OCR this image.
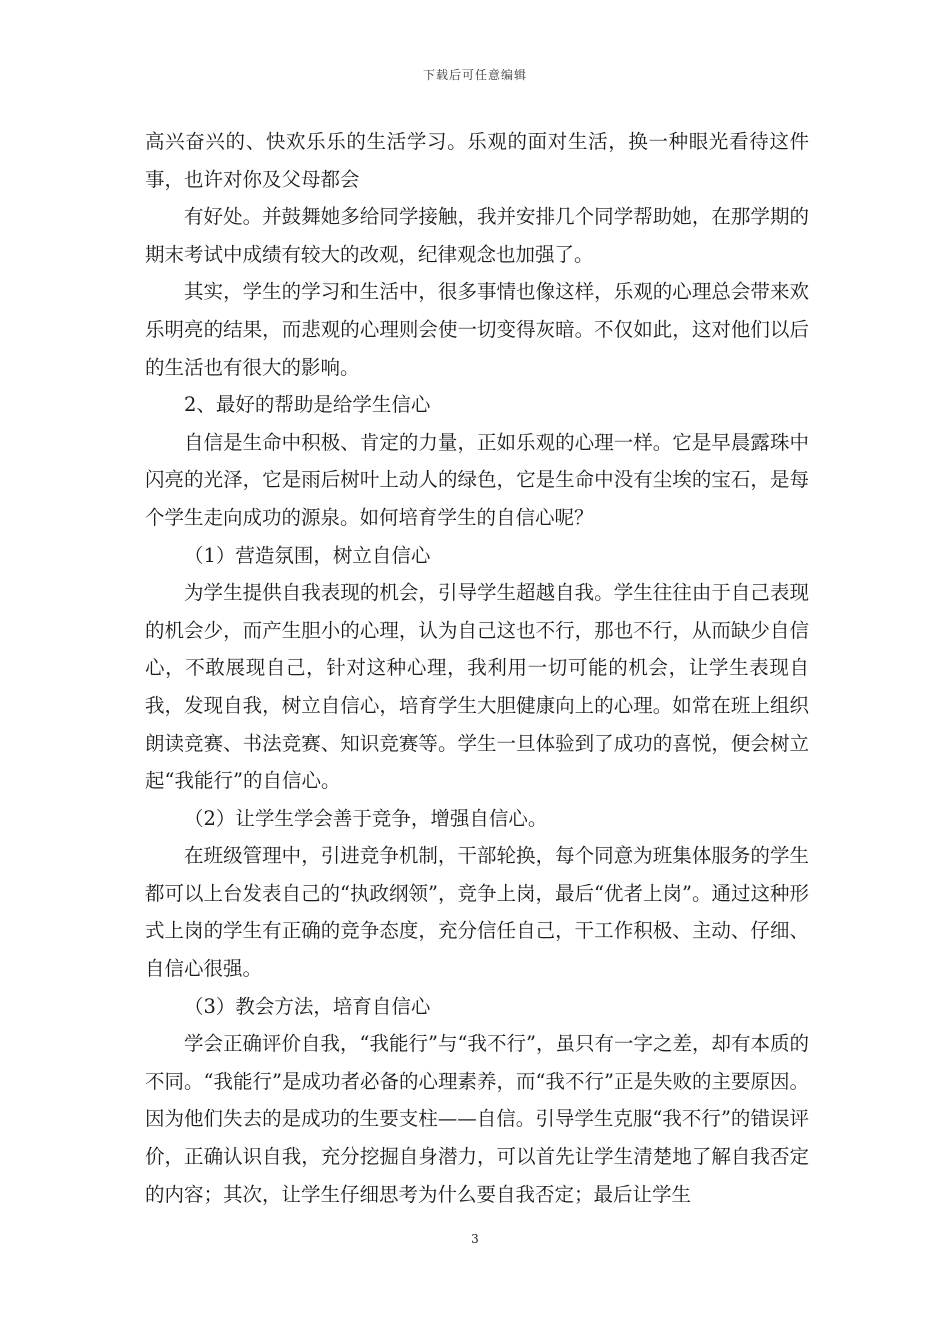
下载后可任意编辑

高兴奋兴的、快欢乐乐的生活学习。乐观的面对生活，换一种眼光看待这件事，也许对你及父母都会

有好处。并鼓舞她多给同学接触，我并安排几个同学帮助她，在那学期的期末考试中成绩有较大的改观，纪律观念也加强了。

其实，学生的学习和生活中，很多事情也像这样，乐观的心理总会带来欢乐明亮的结果，而悲观的心理则会使一切变得灰暗。不仅如此，这对他们以后的生活也有很大的影响。

2、最好的帮助是给学生信心

自信是生命中积极、肯定的力量，正如乐观的心理一样。它是早晨露珠中闪亮的光泽，它是雨后树叶上动人的绿色，它是生命中没有尘埃的宝石，是每个学生走向成功的源泉。如何培育学生的自信心呢？

（1）营造氛围，树立自信心

为学生提供自我表现的机会，引导学生超越自我。学生往往由于自己表现的机会少，而产生胆小的心理，认为自己这也不行，那也不行，从而缺少自信心，不敢展现自己，针对这种心理，我利用一切可能的机会，让学生表现自我，发现自我，树立自信心，培育学生大胆健康向上的心理。如常在班上组织朗读竞赛、书法竞赛、知识竞赛等。学生一旦体验到了成功的喜悦，便会树立起“我能行”的自信心。

（2）让学生学会善于竞争，增强自信心。

在班级管理中，引进竞争机制，干部轮换，每个同意为班集体服务的学生都可以上台发表自己的“执政纲领”，竞争上岗，最后“优者上岗”。通过这种形式上岗的学生有正确的竞争态度，充分信任自己，干工作积极、主动、仔细、自信心很强。

（3）教会方法，培育自信心

学会正确评价自我，“我能行”与“我不行”，虽只有一字之差，却有本质的不同。“我能行”是成功者必备的心理素养，而“我不行”正是失败的主要原因。因为他们失去的是成功的生要支柱——自信。引导学生克服“我不行”的错误评价，正确认识自我，充分挖掘自身潜力，可以首先让学生清楚地了解自我否定的内容；其次，让学生仔细思考为什么要自我否定；最后让学生

3
